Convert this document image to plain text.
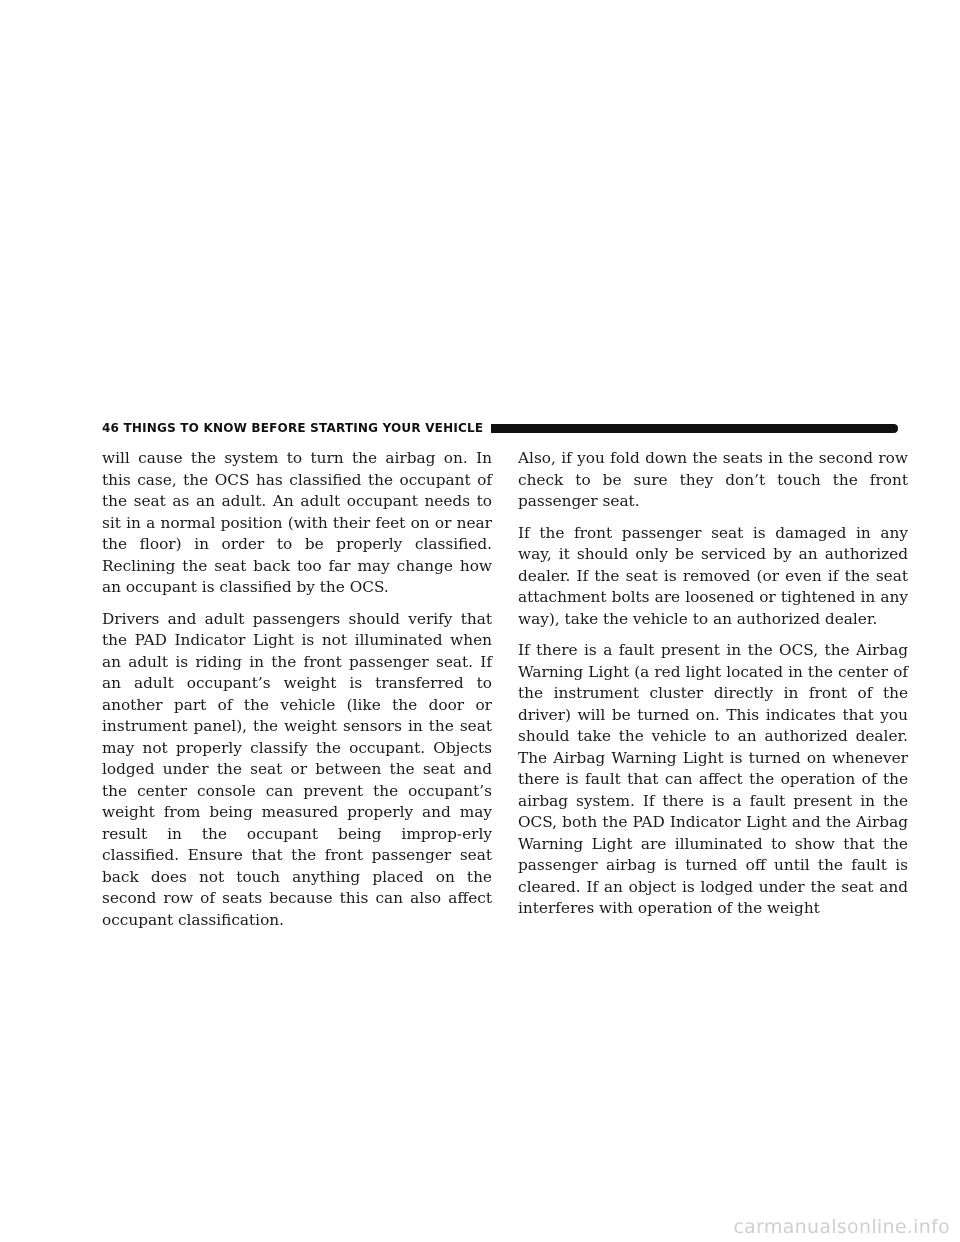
46 THINGS TO KNOW BEFORE STARTING YOUR VEHICLE

will cause the system to turn the airbag on. In this case, the OCS has classified the occupant of the seat as an adult. An adult occupant needs to sit in a normal position (with their feet on or near the floor) in order to be properly classified. Reclining the seat back too far may change how an occupant is classified by the OCS.

Drivers and adult passengers should verify that the PAD Indicator Light is not illuminated when an adult is riding in the front passenger seat. If an adult occupant’s weight is transferred to another part of the vehicle (like the door or instrument panel), the weight sensors in the seat may not properly classify the occupant. Objects lodged under the seat or between the seat and the center console can prevent the occupant’s weight from being measured properly and may result in the occupant being improp-erly classified. Ensure that the front passenger seat back does not touch anything placed on the second row of seats because this can also affect occupant classification.

Also, if you fold down the seats in the second row check to be sure they don’t touch the front passenger seat.

If the front passenger seat is damaged in any way, it should only be serviced by an authorized dealer. If the seat is removed (or even if the seat attachment bolts are loosened or tightened in any way), take the vehicle to an authorized dealer.

If there is a fault present in the OCS, the Airbag Warning Light (a red light located in the center of the instrument cluster directly in front of the driver) will be turned on. This indicates that you should take the vehicle to an authorized dealer. The Airbag Warning Light is turned on whenever there is fault that can affect the operation of the airbag system. If there is a fault present in the OCS, both the PAD Indicator Light and the Airbag Warning Light are illuminated to show that the passenger airbag is turned off until the fault is cleared. If an object is lodged under the seat and interferes with operation of the weight

carmanualsonline.info
